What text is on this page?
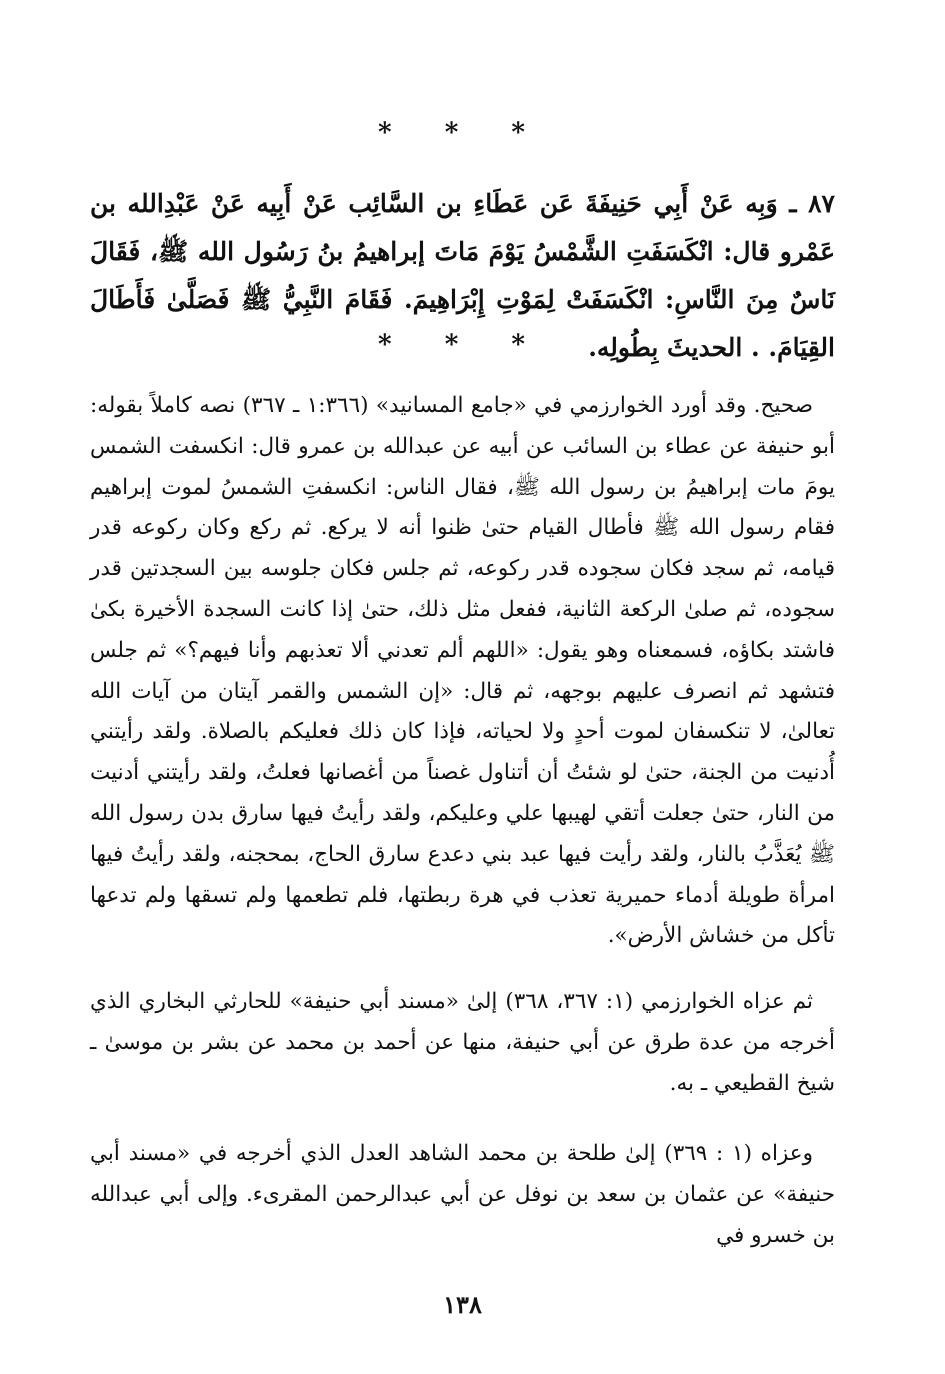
* * *
٨٧ ـ وَبِه عَنْ أَبِي حَنِيفَةَ عَن عَطَاءِ بن السَّائِب عَنْ أَبِيه عَنْ عَبْدِالله بن عَمْرو قال: انْكَسَفَتِ الشَّمْسُ يَوْمَ مَاتَ إبراهيمُ بنُ رَسُول الله ﷺ، فَقَالَ نَاسٌ مِنَ النَّاسِ: انْكَسَفَتْ لِمَوْتِ إِبْرَاهِيمَ. فَقَامَ النَّبِيُّ ﷺ فَصَلَّىٰ فَأَطَالَ القِيَامَ. . الحديثَ بِطُولِه.
* * *
صحيح. وقد أورد الخوارزمي في «جامع المسانيد» (١:٣٦٦ ـ ٣٦٧) نصه كاملاً بقوله: أبو حنيفة عن عطاء بن السائب عن أبيه عن عبدالله بن عمرو قال: انكسفت الشمس يومَ مات إبراهيمُ بن رسول الله ﷺ، فقال الناس: انكسفتِ الشمسُ لموت إبراهيم فقام رسول الله ﷺ فأطال القيام حتىٰ ظنوا أنه لا يركع. ثم ركع وكان ركوعه قدر قيامه، ثم سجد فكان سجوده قدر ركوعه، ثم جلس فكان جلوسه بين السجدتين قدر سجوده، ثم صلىٰ الركعة الثانية، ففعل مثل ذلك، حتىٰ إذا كانت السجدة الأخيرة بكىٰ فاشتد بكاؤه، فسمعناه وهو يقول: «اللهم ألم تعدني ألا تعذبهم وأنا فيهم؟» ثم جلس فتشهد ثم انصرف عليهم بوجهه، ثم قال: «إن الشمس والقمر آيتان من آيات الله تعالىٰ، لا تنكسفان لموت أحدٍ ولا لحياته، فإذا كان ذلك فعليكم بالصلاة. ولقد رأيتني أُدنيت من الجنة، حتىٰ لو شئتُ أن أتناول غصناً من أغصانها فعلتُ، ولقد رأيتني أدنيت من النار، حتىٰ جعلت أتقي لهيبها علي وعليكم، ولقد رأيتُ فيها سارق بدن رسول الله ﷺ يُعَذَّبُ بالنار، ولقد رأيت فيها عبد بني دعدع سارق الحاج، بمحجنه، ولقد رأيتُ فيها امرأة طويلة أدماء حميرية تعذب في هرة ربطتها، فلم تطعمها ولم تسقها ولم تدعها تأكل من خشاش الأرض».
ثم عزاه الخوارزمي (١: ٣٦٧، ٣٦٨) إلىٰ «مسند أبي حنيفة» للحارثي البخاري الذي أخرجه من عدة طرق عن أبي حنيفة، منها عن أحمد بن محمد عن بشر بن موسىٰ ـ شيخ القطيعي ـ به.
وعزاه (١ : ٣٦٩) إلىٰ طلحة بن محمد الشاهد العدل الذي أخرجه في «مسند أبي حنيفة» عن عثمان بن سعد بن نوفل عن أبي عبدالرحمن المقرىء. وإلى أبي عبدالله بن خسرو في
١٣٨
